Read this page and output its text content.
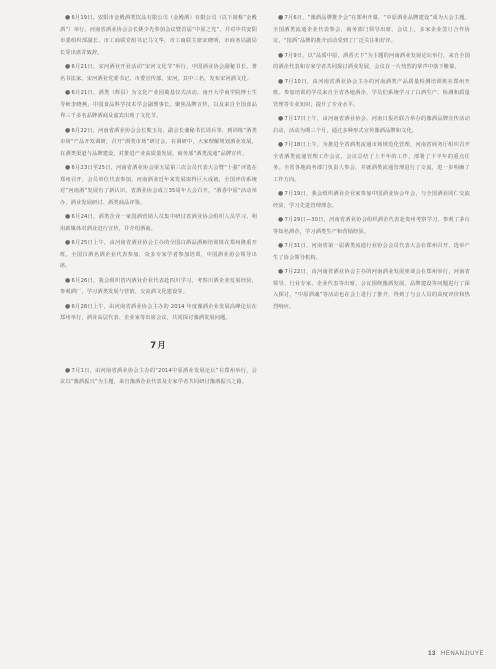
●6月19日，安阳市金殿酒类饮品有限公司（金殿酒）有限公司（以下简称“金殿酒”）举行。河南省酒业协会会长姚少先参加会议暨首届“中原之光”。并对中共安阳市委组织部副长、市工商联党组书记马文华，市工商联主席宋晓明，市商务局副局长等出席并致辞。

●6月21日，宋河酒业开业活动“宋河文化节”举行，中国酒业协会副秘书长、著名书法家。宋河酒业党委书记、市委宣传部。宋河，其中三名，发布宋河酒文化。

●6月21日，酒类（辉县）为文化产业园奠基仪式活动。南开大学商学院博士生导师李晓燕，中国食品科学技术学会副理事长。聚焦品牌宣传，以及来自全国食品界三千多名品牌酒商及嘉宾出席了文化节。

●6月22日，河南省酒业协会会长熊玉亮、副会长兼秘书长周兵等，到训练“酒类市场”产品开发调研，召开“酒类市场”研讨会。在调研中，大家理解规划酒业发展，在酒类渠道与品牌建设，对推进产业高质量发展，商务部“酒类流通”品牌宣传。

●6月23日至25日，河南省酒业协会第五届第三次会员代表大会暨“十强”评选在郑州召开，会员单位代表参加。河南酒业近年来发展取得巨大成就，全国评价系统对“河南酒”发展有了新认识，省酒业协会成立35周年大会召开。“酒香中原”活动举办，酒业发展研讨、酒类商品评鉴。

●6月24日，酒类企业一家国酒营销人员集中研讨省酒业协会组织人员学习。利用新媒体对酒业进行宣传，并介绍酒商。

●6月25日上午，由河南省酒业协会主办的全国白酒品酒师培训班在郑州隆重开班。全国白酒名酒企业代表参加，众多专家学者参加培训，中国酒业协会领导出席。

●6月26日，我会组织省内酒业企业代表赴四川学习，考察川酒企业发展经验，参观酒厂，学习酒类发展与营销，交流酒文化建设等。

●6月28日上午，由河南省酒业协会主办的 2014 年度豫酒企业发展高峰论坛在郑州举行，酒业高层代表、企业家等出席会议，共同探讨豫酒发展问题。

7月

●7月1日，由河南省酒业协会主办的“2014中原酒业发展论坛”在郑州举行，会议以“豫酒振兴”为主题，来自豫酒企业代表及专家学者共同研讨豫酒振兴之路。

●7月6日，“豫酒品牌推介会”在郑州开幕，“中原酒业品牌建设”成为大会主题。全国酒类流通企业代表参会，商务部门领导出席。会议上，多家企业签订合作协议，“国酒”品牌的推介活动受到了广泛关注和好评。

●7月9日，以“品质中原，酒香天下”为主题的河南酒业发展论坛举行，来自全国的酒企代表和专家学者共同探讨酒业发展，会议在一片热烈的掌声中落下帷幕。

●7月10日，由河南省酒业协会主办的河南酒类产品质量检测培训班在郑州开班。参加培训的学员来自全省各地酒企，学员们系统学习了白酒生产、检测和质量管理等专业知识，提升了专业水平。

●7月17日上午，由河南省酒业协会、河南日报社联合举办的豫酒品牌宣传活动启动，活动为期三个月，通过多种形式宣传豫酒品牌和文化。

●7月18日上午，为推进全省酒类流通市场规范化管理，河南省商务厅组织召开全省酒类流通管理工作会议，会议总结了上半年的工作，部署了下半年的重点任务。全省各地商务部门负责人参会，并就酒类流通管理进行了交流，进一步明确了工作方向。

●7月19日，我会组织酒业企业家参加中国酒业协会年会，与全国酒业同仁交流经验，学习先进管理理念。

●7月29日—30日，河南省酒业协会组织酒企代表赴贵州考察学习，参观了茅台等知名酒企，学习酒类生产和营销经验。

●7月31日，河南省第一届酒类流通行业协会会员代表大会在郑州召开，选举产生了协会领导机构。

●7月22日，由河南省酒业协会主办的河南酒业发展座谈会在郑州举行，河南省领导、行业专家、企业代表等出席。会议围绕豫酒发展、品牌建设等问题进行了深入探讨，“中原酒魂”等活动也在会上进行了推介，得到了与会人员的高度评价和热烈响应。

13 HENANJIUYE
